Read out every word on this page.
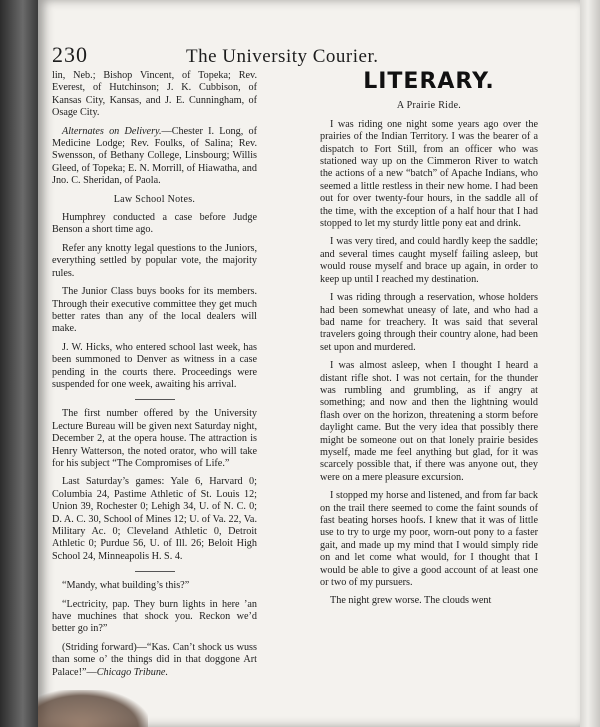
230	The University Courier.

lin, Neb.; Bishop Vincent, of Topeka; Rev. Everest, of Hutchinson; J. K. Cubbison, of Kansas City, Kansas, and J. E. Cunningham, of Osage City.

Alternates on Delivery.—Chester I. Long, of Medicine Lodge; Rev. Foulks, of Salina; Rev. Swensson, of Bethany College, Linsbourg; Willis Gleed, of Topeka; E. N. Morrill, of Hiawatha, and Jno. C. Sheridan, of Paola.

Law School Notes.

Humphrey conducted a case before Judge Benson a short time ago.

Refer any knotty legal questions to the Juniors, everything settled by popular vote, the majority rules.

The Junior Class buys books for its members. Through their executive committee they get much better rates than any of the local dealers will make.

J. W. Hicks, who entered school last week, has been summoned to Denver as witness in a case pending in the courts there. Proceedings were suspended for one week, awaiting his arrival.

The first number offered by the University Lecture Bureau will be given next Saturday night, December 2, at the opera house. The attraction is Henry Watterson, the noted orator, who will take for his subject “The Compromises of Life.”

Last Saturday’s games: Yale 6, Harvard 0; Columbia 24, Pastime Athletic of St. Louis 12; Union 39, Rochester 0; Lehigh 34, U. of N. C. 0; D. A. C. 30, School of Mines 12; U. of Va. 22, Va. Military Ac. 0; Cleveland Athletic 0, Detroit Athletic 0; Purdue 56, U. of Ill. 26; Beloit High School 24, Minneapolis H. S. 4.

“Mandy, what building’s this?”

“Lectricity, pap. They burn lights in here ’an have muchines that shock you. Reckon we’d better go in?”

(Striding forward)—“Kas. Can’t shock us wuss than some o’ the things did in that doggone Art Palace!”—Chicago Tribune.

LITERARY.
A Prairie Ride.

I was riding one night some years ago over the prairies of the Indian Territory. I was the bearer of a dispatch to Fort Still, from an officer who was stationed way up on the Cimmeron River to watch the actions of a new “batch” of Apache Indians, who seemed a little restless in their new home. I had been out for over twenty-four hours, in the saddle all of the time, with the exception of a half hour that I had stopped to let my sturdy little pony eat and drink.

I was very tired, and could hardly keep the saddle; and several times caught myself failing asleep, but would rouse myself and brace up again, in order to keep up until I reached my destination.

I was riding through a reservation, whose holders had been somewhat uneasy of late, and who had a bad name for treachery. It was said that several travelers going through their country alone, had been set upon and murdered.

I was almost asleep, when I thought I heard a distant rifle shot. I was not certain, for the thunder was rumbling and grumbling, as if angry at something; and now and then the lightning would flash over on the horizon, threatening a storm before daylight came. But the very idea that possibly there might be someone out on that lonely prairie besides myself, made me feel anything but glad, for it was scarcely possible that, if there was anyone out, they were on a mere pleasure excursion.

I stopped my horse and listened, and from far back on the trail there seemed to come the faint sounds of fast beating horses hoofs. I knew that it was of little use to try to urge my poor, worn-out pony to a faster gait, and made up my mind that I would simply ride on and let come what would, for I thought that I would be able to give a good account of at least one or two of my pursuers.

The night grew worse. The clouds went
